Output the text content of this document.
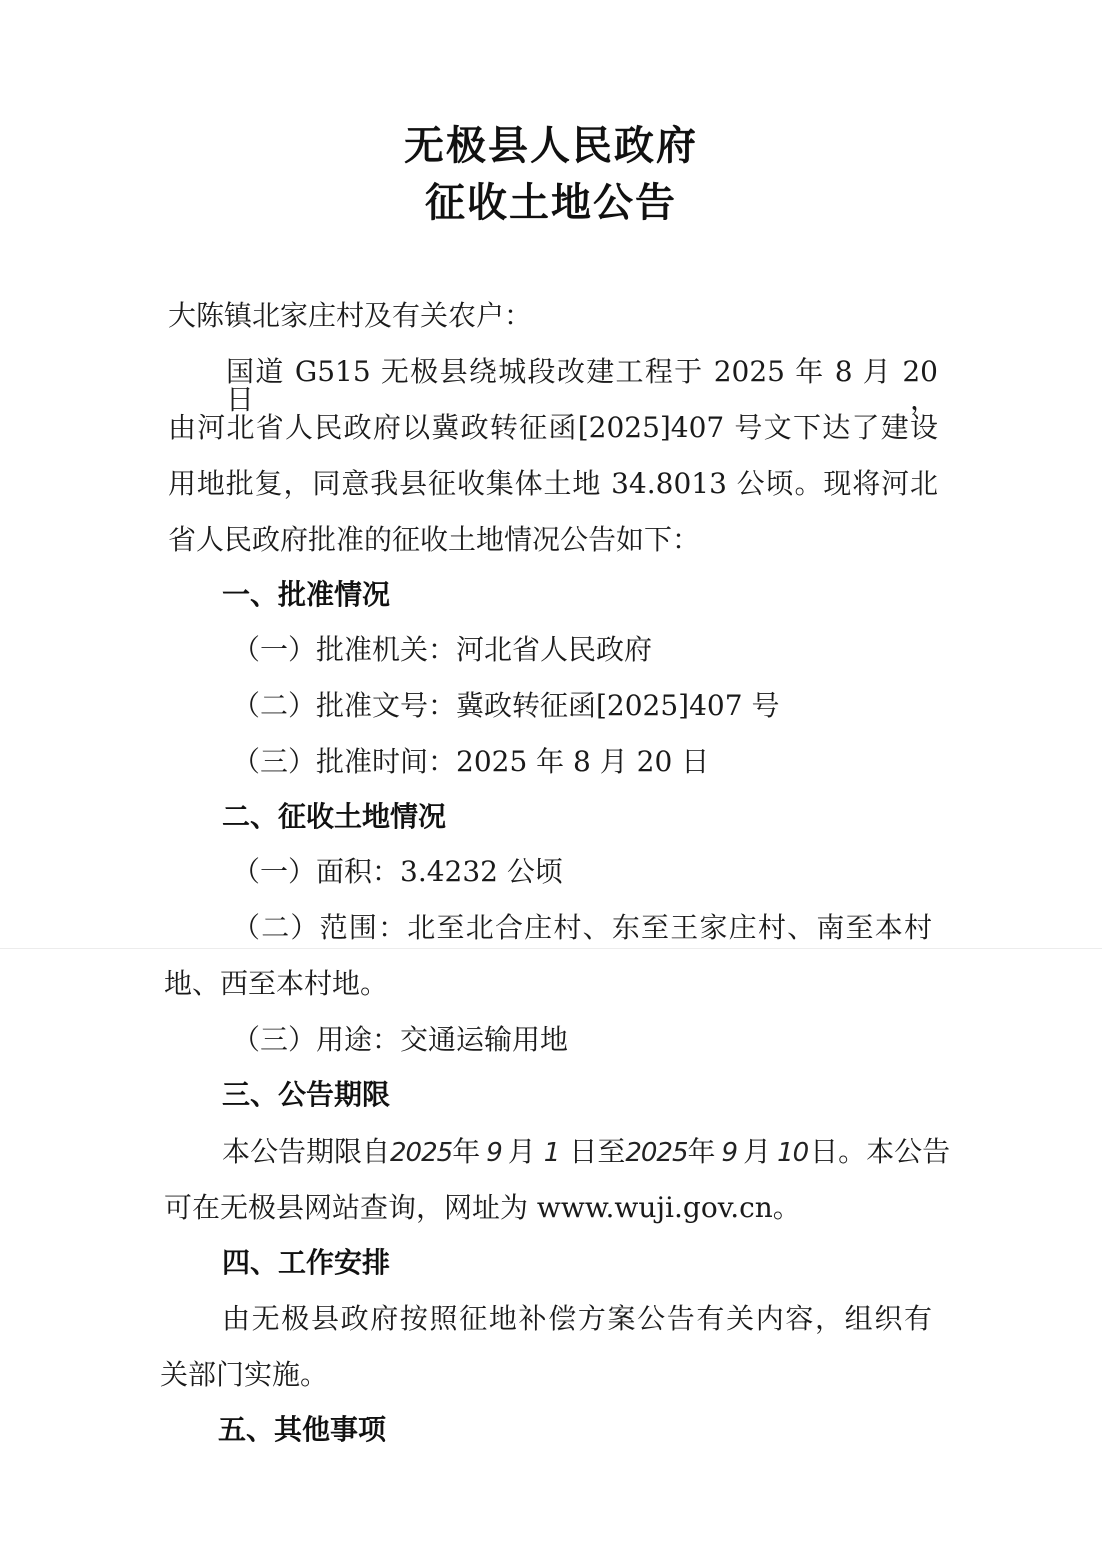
无极县人民政府
征收土地公告
大陈镇北家庄村及有关农户：
国道 G515 无极县绕城段改建工程于 2025 年 8 月 20 日，
由河北省人民政府以冀政转征函[2025]407 号文下达了建设
用地批复，同意我县征收集体土地 34.8013 公顷。现将河北
省人民政府批准的征收土地情况公告如下：
一、批准情况
（一）批准机关：河北省人民政府
（二）批准文号：冀政转征函[2025]407 号
（三）批准时间：2025 年 8 月 20 日
二、征收土地情况
（一）面积：3.4232 公顷
（二）范围：北至北合庄村、东至王家庄村、南至本村
地、西至本村地。
（三）用途：交通运输用地
三、公告期限
本公告期限自2025年 9 月 1 日至2025年 9 月 10日。本公告
可在无极县网站查询，网址为 www.wuji.gov.cn。
四、工作安排
由无极县政府按照征地补偿方案公告有关内容，组织有
关部门实施。
五、其他事项
